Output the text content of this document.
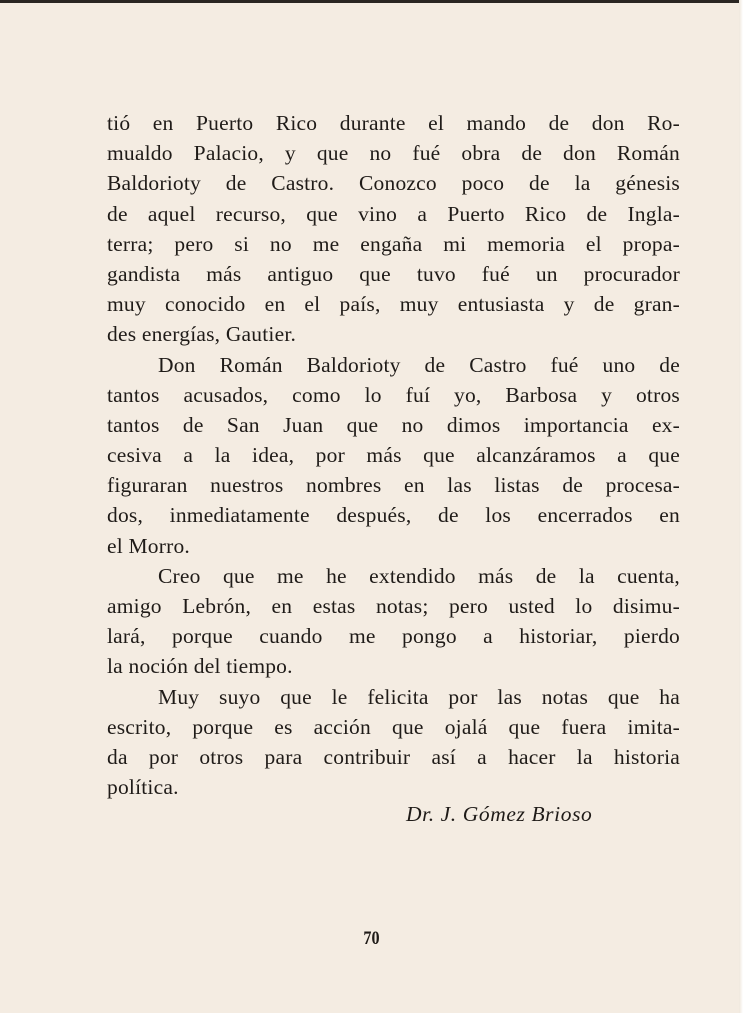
tió en Puerto Rico durante el mando de don Ro-
mualdo Palacio, y que no fué obra de don Román
Baldorioty de Castro. Conozco poco de la génesis
de aquel recurso, que vino a Puerto Rico de Ingla-
terra; pero si no me engaña mi memoria el propa-
gandista más antiguo que tuvo fué un procurador
muy conocido en el país, muy entusiasta y de gran-
des energías, Gautier.
Don Román Baldorioty de Castro fué uno de
tantos acusados, como lo fuí yo, Barbosa y otros
tantos de San Juan que no dimos importancia ex-
cesiva a la idea, por más que alcanzáramos a que
figuraran nuestros nombres en las listas de procesa-
dos, inmediatamente después, de los encerrados en
el Morro.
Creo que me he extendido más de la cuenta,
amigo Lebrón, en estas notas; pero usted lo disimu-
lará, porque cuando me pongo a historiar, pierdo
la noción del tiempo.
Muy suyo que le felicita por las notas que ha
escrito, porque es acción que ojalá que fuera imita-
da por otros para contribuir así a hacer la historia
política.
Dr. J. Gómez Brioso
70
